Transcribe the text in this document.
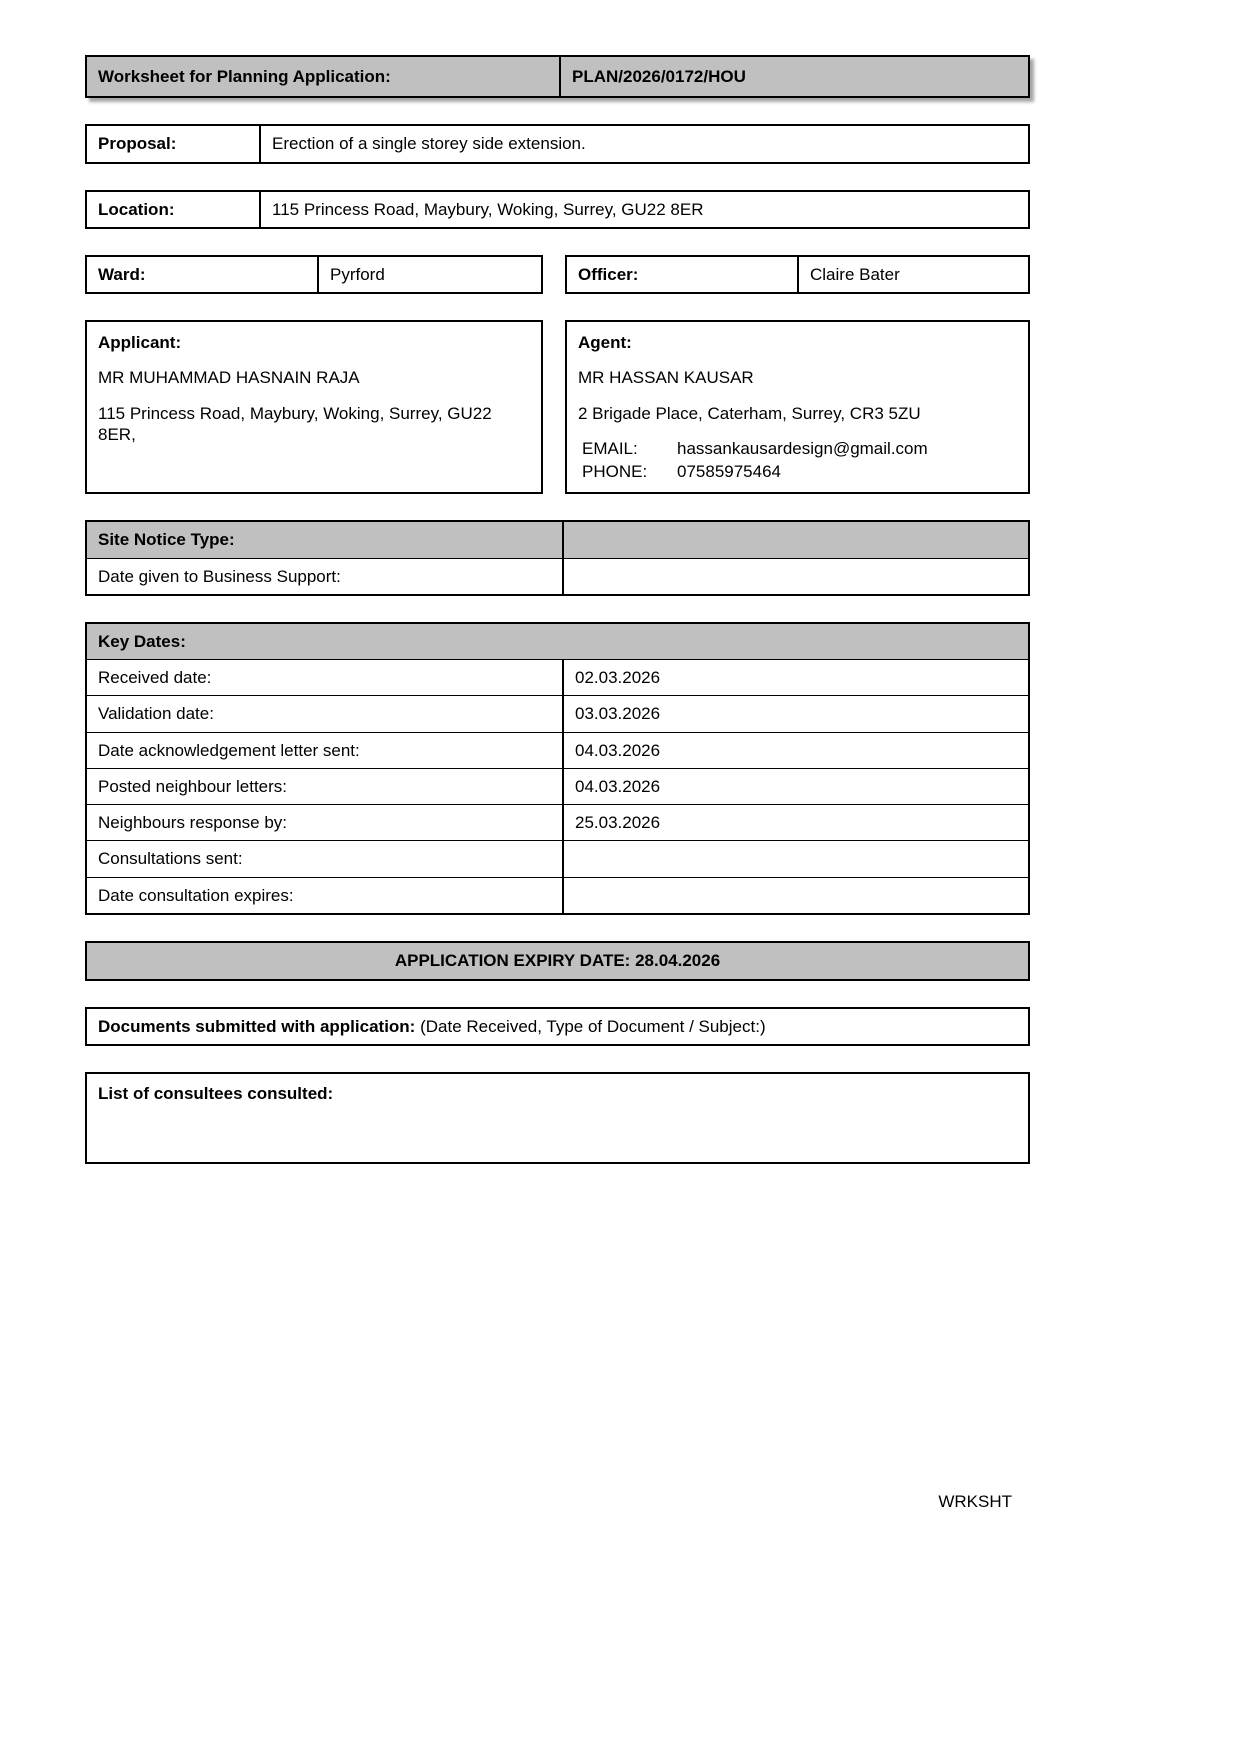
Worksheet for Planning Application:	PLAN/2026/0172/HOU
Proposal:	Erection of a single storey side extension.
Location:	115 Princess Road, Maybury, Woking, Surrey, GU22 8ER
Ward:	Pyrford	Officer:	Claire Bater

Applicant:

MR MUHAMMAD HASNAIN RAJA

115 Princess Road, Maybury, Woking, Surrey, GU22 8ER,

Agent:

MR HASSAN KAUSAR

2 Brigade Place, Caterham, Surrey, CR3 5ZU

EMAIL:	hassankausardesign@gmail.com
PHONE:	07585975464
Site Notice Type:
Date given to Business Support:
Key Dates:
Received date:	02.03.2026
Validation date:	03.03.2026
Date acknowledgement letter sent:	04.03.2026
Posted neighbour letters:	04.03.2026
Neighbours response by:	25.03.2026
Consultations sent:
Date consultation expires:
APPLICATION EXPIRY DATE: 28.04.2026
Documents submitted with application: (Date Received, Type of Document / Subject:)
List of consultees consulted:
WRKSHT
